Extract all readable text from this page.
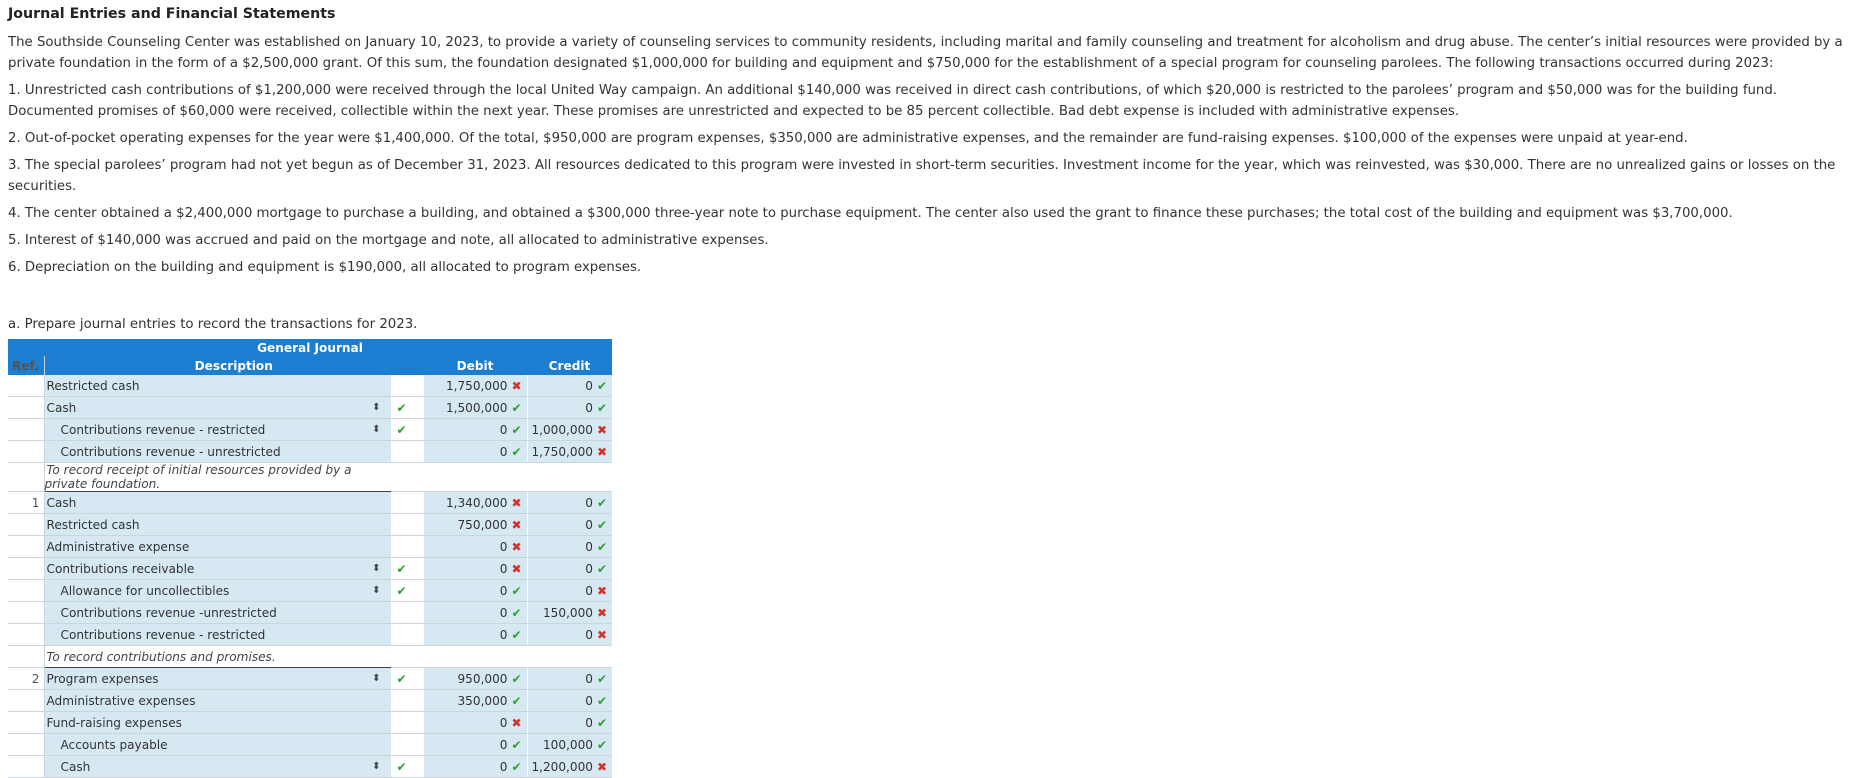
Journal Entries and Financial Statements

The Southside Counseling Center was established on January 10, 2023, to provide a variety of counseling services to community residents, including marital and family counseling and treatment for alcoholism and drug abuse. The center’s initial resources were provided by a private foundation in the form of a $2,500,000 grant. Of this sum, the foundation designated $1,000,000 for building and equipment and $750,000 for the establishment of a special program for counseling parolees. The following transactions occurred during 2023:

1. Unrestricted cash contributions of $1,200,000 were received through the local United Way campaign. An additional $140,000 was received in direct cash contributions, of which $20,000 is restricted to the parolees’ program and $50,000 was for the building fund. Documented promises of $60,000 were received, collectible within the next year. These promises are unrestricted and expected to be 85 percent collectible. Bad debt expense is included with administrative expenses.

2. Out-of-pocket operating expenses for the year were $1,400,000. Of the total, $950,000 are program expenses, $350,000 are administrative expenses, and the remainder are fund-raising expenses. $100,000 of the expenses were unpaid at year-end.

3. The special parolees’ program had not yet begun as of December 31, 2023. All resources dedicated to this program were invested in short-term securities. Investment income for the year, which was reinvested, was $30,000. There are no unrealized gains or losses on the securities.

4. The center obtained a $2,400,000 mortgage to purchase a building, and obtained a $300,000 three-year note to purchase equipment. The center also used the grant to finance these purchases; the total cost of the building and equipment was $3,700,000.

5. Interest of $140,000 was accrued and paid on the mortgage and note, all allocated to administrative expenses.

6. Depreciation on the building and equipment is $190,000, all allocated to program expenses.

a. Prepare journal entries to record the transactions for 2023.

General Journal				
Ref.	Description		Debit	Credit

	Restricted cash		1,750,000 ✖	0 ✔

	Cash ⬍	✔	1,500,000 ✔	0 ✔

	Contributions revenue - restricted ⬍	✔	0 ✔	1,000,000 ✖

	Contributions revenue - unrestricted		0 ✔	1,750,000 ✖
	To record receipt of initial resources provided by a private foundation.			
1	Cash		1,340,000 ✖	0 ✔

	Restricted cash		750,000 ✖	0 ✔

	Administrative expense		0 ✖	0 ✔

	Contributions receivable ⬍	✔	0 ✖	0 ✔

	Allowance for uncollectibles ⬍	✔	0 ✔	0 ✖

	Contributions revenue -unrestricted		0 ✔	150,000 ✖

	Contributions revenue - restricted		0 ✔	0 ✖
	To record contributions and promises.			
2	Program expenses ⬍	✔	950,000 ✔	0 ✔

	Administrative expenses		350,000 ✔	0 ✔

	Fund-raising expenses		0 ✖	0 ✔

	Accounts payable		0 ✔	100,000 ✔

	Cash ⬍	✔	0 ✔	1,200,000 ✖
